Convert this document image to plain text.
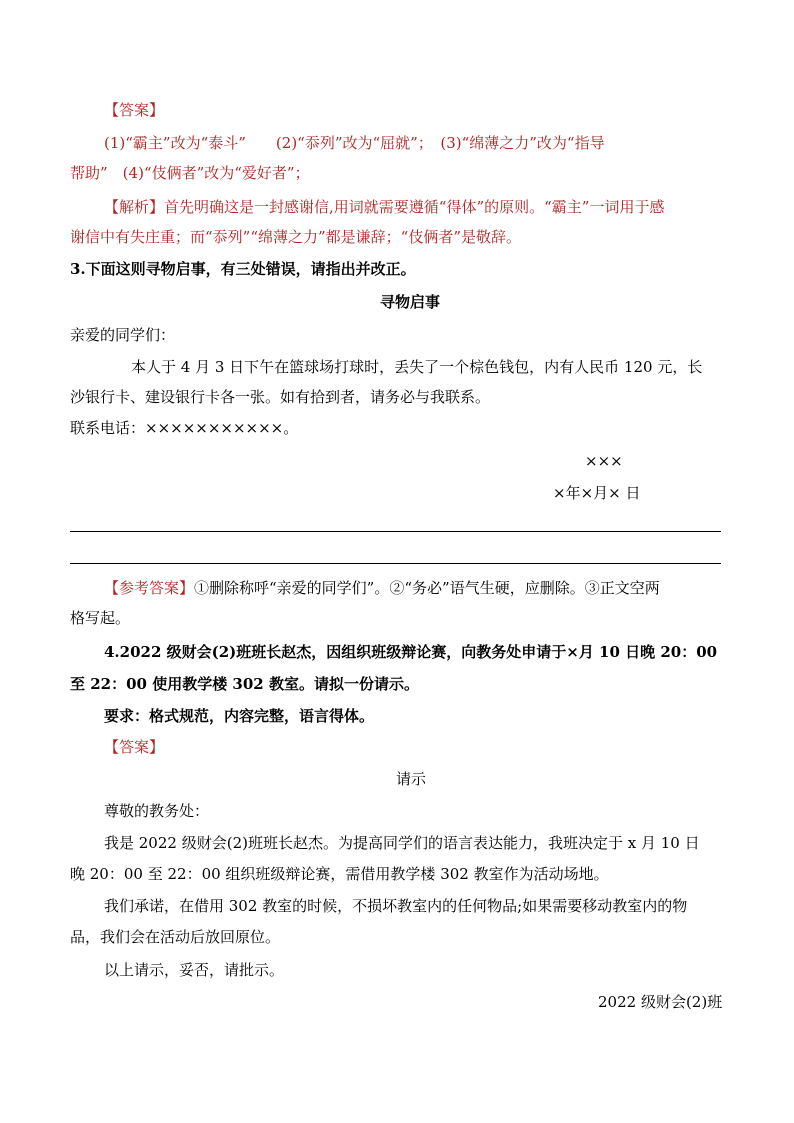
【答案】
(1)“霸主”改为“泰斗”　　(2)“忝列”改为“屈就”；　(3)“绵薄之力”改为“指导
帮助”　(4)“伎俩者”改为“爱好者”；
【解析】首先明确这是一封感谢信,用词就需要遵循“得体”的原则。“霸主”一词用于感
谢信中有失庄重；而“忝列”“绵薄之力”都是谦辞；“伎俩者”是敬辞。
3.下面这则寻物启事，有三处错误，请指出并改正。
寻物启事
亲爱的同学们：
本人于 4 月 3 日下午在篮球场打球时，丢失了一个棕色钱包，内有人民币 120 元，长
沙银行卡、建设银行卡各一张。如有拾到者，请务必与我联系。
联系电话：×××××××××××。
×××
×年×月× 日
【参考答案】①删除称呼“亲爱的同学们”。②“务必”语气生硬，应删除。③正文空两
格写起。
4.2022 级财会(2)班班长赵杰，因组织班级辩论赛，向教务处申请于×月 10 日晚 20：00
至 22：00 使用教学楼 302 教室。请拟一份请示。
要求：格式规范，内容完整，语言得体。
【答案】
请示
尊敬的教务处：
我是 2022 级财会(2)班班长赵杰。为提高同学们的语言表达能力，我班决定于 x 月 10 日
晚 20：00 至 22：00 组织班级辩论赛，需借用教学楼 302 教室作为活动场地。
我们承诺，在借用 302 教室的时候，不损坏教室内的任何物品;如果需要移动教室内的物
品，我们会在活动后放回原位。
以上请示，妥否，请批示。
2022 级财会(2)班
